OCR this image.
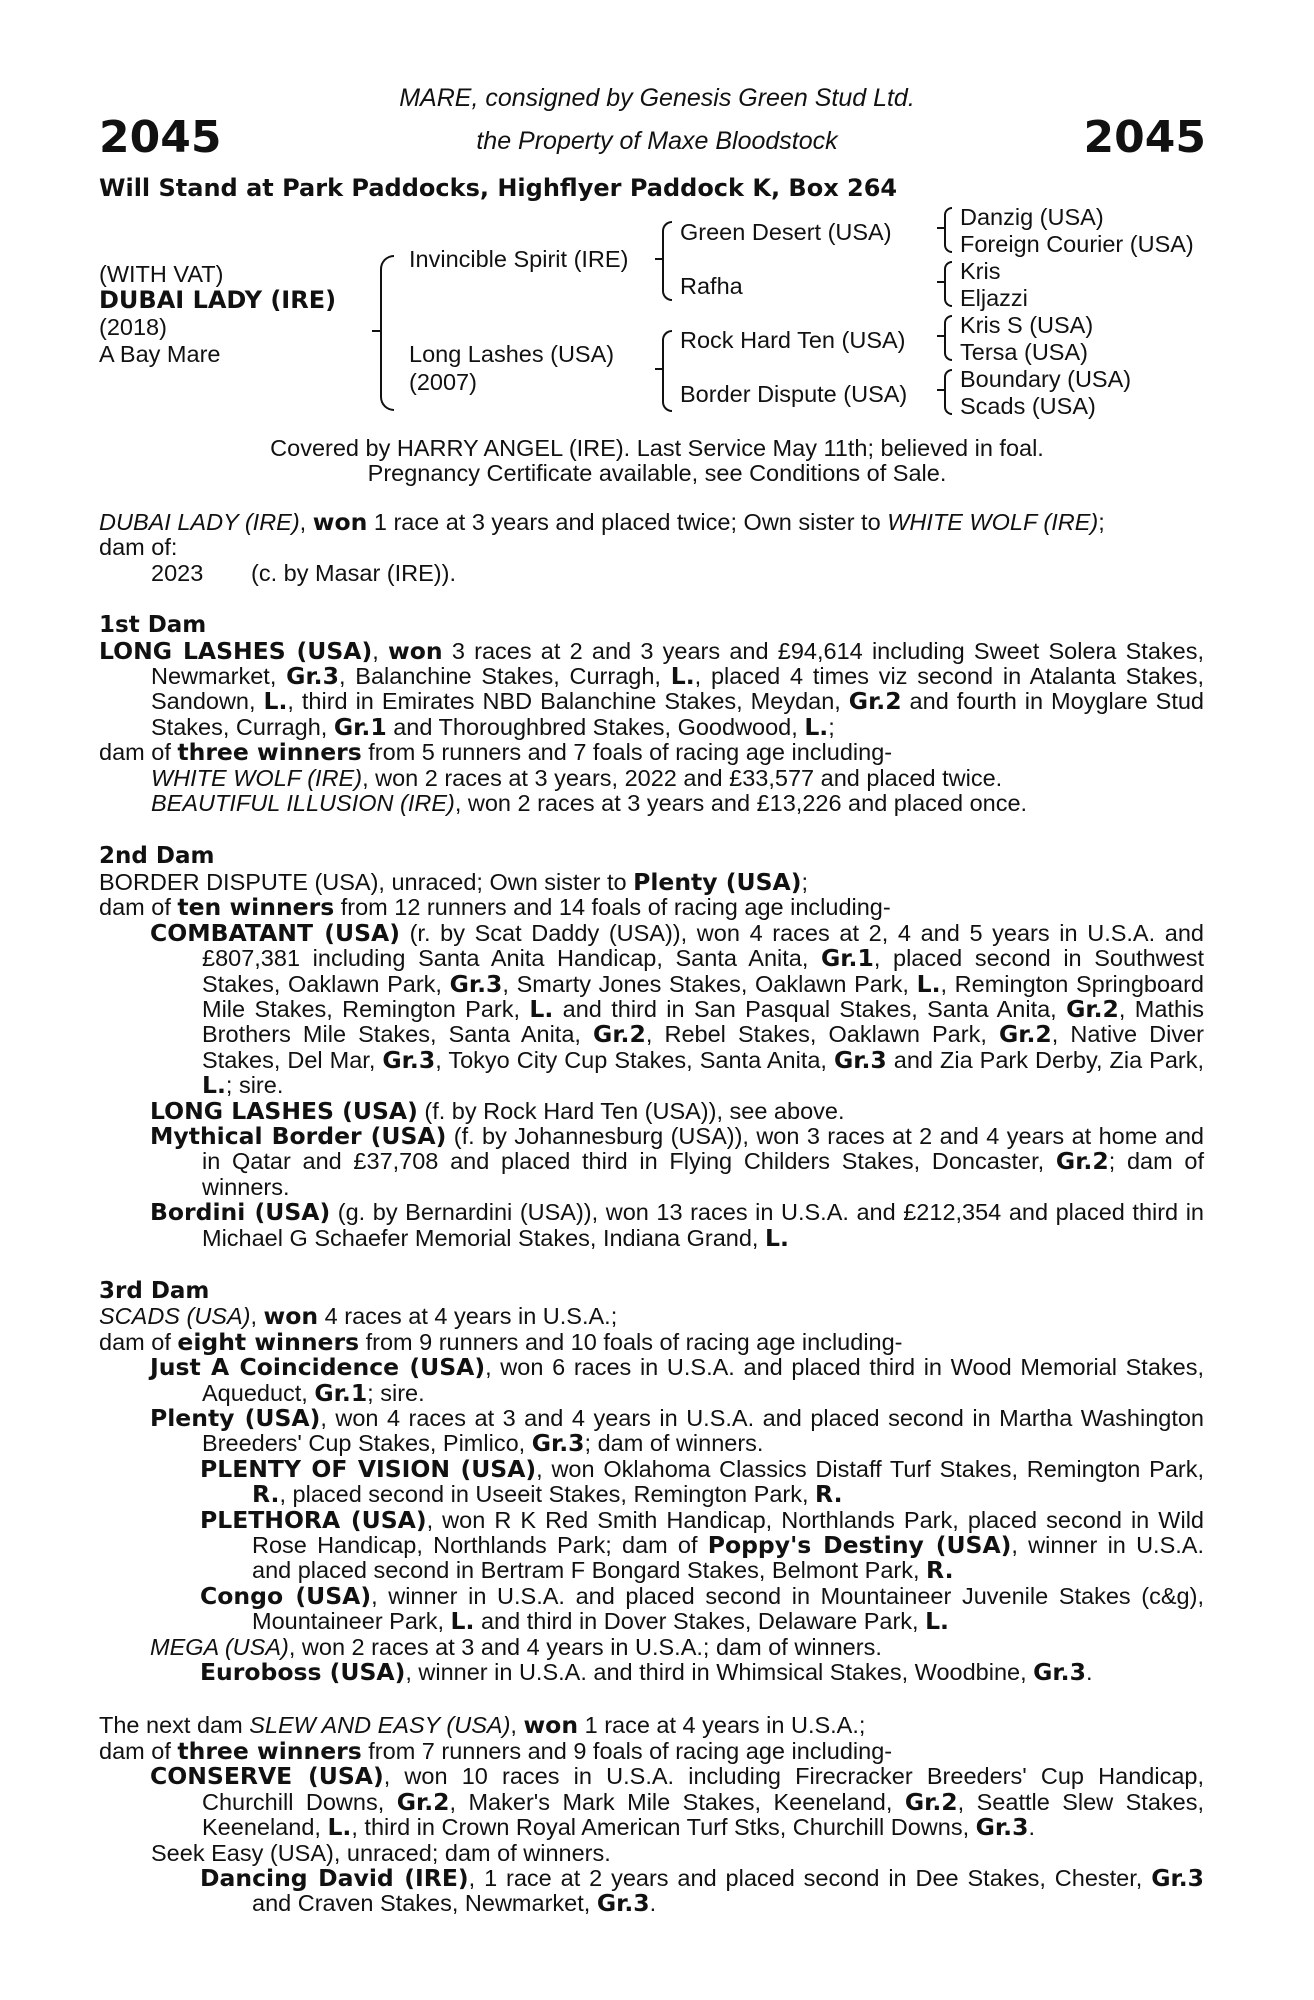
2045	2045
MARE, consigned by Genesis Green Stud Ltd.
the Property of Maxe Bloodstock
Will Stand at Park Paddocks, Highflyer Paddock K, Box 264
(WITH VAT)
DUBAI LADY (IRE)
(2018)
A Bay Mare
Invincible Spirit (IRE)
Long Lashes (USA)
(2007)
Green Desert (USA)
Rafha
Rock Hard Ten (USA)
Border Dispute (USA)
Danzig (USA)
Foreign Courier (USA)
Kris
Eljazzi
Kris S (USA)
Tersa (USA)
Boundary (USA)
Scads (USA)
Covered by HARRY ANGEL (IRE). Last Service May 11th; believed in foal.
Pregnancy Certificate available, see Conditions of Sale.

DUBAI LADY (IRE), won 1 race at 3 years and placed twice; Own sister to WHITE WOLF (IRE);

dam of:

2023	(c. by Masar (IRE)).

1st Dam

LONG LASHES (USA), won 3 races at 2 and 3 years and £94,614 including Sweet Solera Stakes, Newmarket, Gr.3, Balanchine Stakes, Curragh, L., placed 4 times viz second in Atalanta Stakes, Sandown, L., third in Emirates NBD Balanchine Stakes, Meydan, Gr.2 and fourth in Moyglare Stud Stakes, Curragh, Gr.1 and Thoroughbred Stakes, Goodwood, L.;

dam of three winners from 5 runners and 7 foals of racing age including-

WHITE WOLF (IRE), won 2 races at 3 years, 2022 and £33,577 and placed twice.

BEAUTIFUL ILLUSION (IRE), won 2 races at 3 years and £13,226 and placed once.

2nd Dam

BORDER DISPUTE (USA), unraced; Own sister to Plenty (USA);

dam of ten winners from 12 runners and 14 foals of racing age including-

COMBATANT (USA) (r. by Scat Daddy (USA)), won 4 races at 2, 4 and 5 years in U.S.A. and £807,381 including Santa Anita Handicap, Santa Anita, Gr.1, placed second in Southwest Stakes, Oaklawn Park, Gr.3, Smarty Jones Stakes, Oaklawn Park, L., Remington Springboard Mile Stakes, Remington Park, L. and third in San Pasqual Stakes, Santa Anita, Gr.2, Mathis Brothers Mile Stakes, Santa Anita, Gr.2, Rebel Stakes, Oaklawn Park, Gr.2, Native Diver Stakes, Del Mar, Gr.3, Tokyo City Cup Stakes, Santa Anita, Gr.3 and Zia Park Derby, Zia Park, L.; sire.

LONG LASHES (USA) (f. by Rock Hard Ten (USA)), see above.

Mythical Border (USA) (f. by Johannesburg (USA)), won 3 races at 2 and 4 years at home and in Qatar and £37,708 and placed third in Flying Childers Stakes, Doncaster, Gr.2; dam of winners.

Bordini (USA) (g. by Bernardini (USA)), won 13 races in U.S.A. and £212,354 and placed third in Michael G Schaefer Memorial Stakes, Indiana Grand, L.

3rd Dam

SCADS (USA), won 4 races at 4 years in U.S.A.;

dam of eight winners from 9 runners and 10 foals of racing age including-

Just A Coincidence (USA), won 6 races in U.S.A. and placed third in Wood Memorial Stakes, Aqueduct, Gr.1; sire.

Plenty (USA), won 4 races at 3 and 4 years in U.S.A. and placed second in Martha Washington Breeders' Cup Stakes, Pimlico, Gr.3; dam of winners.

PLENTY OF VISION (USA), won Oklahoma Classics Distaff Turf Stakes, Remington Park, R., placed second in Useeit Stakes, Remington Park, R.

PLETHORA (USA), won R K Red Smith Handicap, Northlands Park, placed second in Wild Rose Handicap, Northlands Park; dam of Poppy's Destiny (USA), winner in U.S.A. and placed second in Bertram F Bongard Stakes, Belmont Park, R.

Congo (USA), winner in U.S.A. and placed second in Mountaineer Juvenile Stakes (c&g), Mountaineer Park, L. and third in Dover Stakes, Delaware Park, L.

MEGA (USA), won 2 races at 3 and 4 years in U.S.A.; dam of winners.

Euroboss (USA), winner in U.S.A. and third in Whimsical Stakes, Woodbine, Gr.3.

The next dam SLEW AND EASY (USA), won 1 race at 4 years in U.S.A.;

dam of three winners from 7 runners and 9 foals of racing age including-

CONSERVE (USA), won 10 races in U.S.A. including Firecracker Breeders' Cup Handicap, Churchill Downs, Gr.2, Maker's Mark Mile Stakes, Keeneland, Gr.2, Seattle Slew Stakes, Keeneland, L., third in Crown Royal American Turf Stks, Churchill Downs, Gr.3.

Seek Easy (USA), unraced; dam of winners.

Dancing David (IRE), 1 race at 2 years and placed second in Dee Stakes, Chester, Gr.3 and Craven Stakes, Newmarket, Gr.3.
